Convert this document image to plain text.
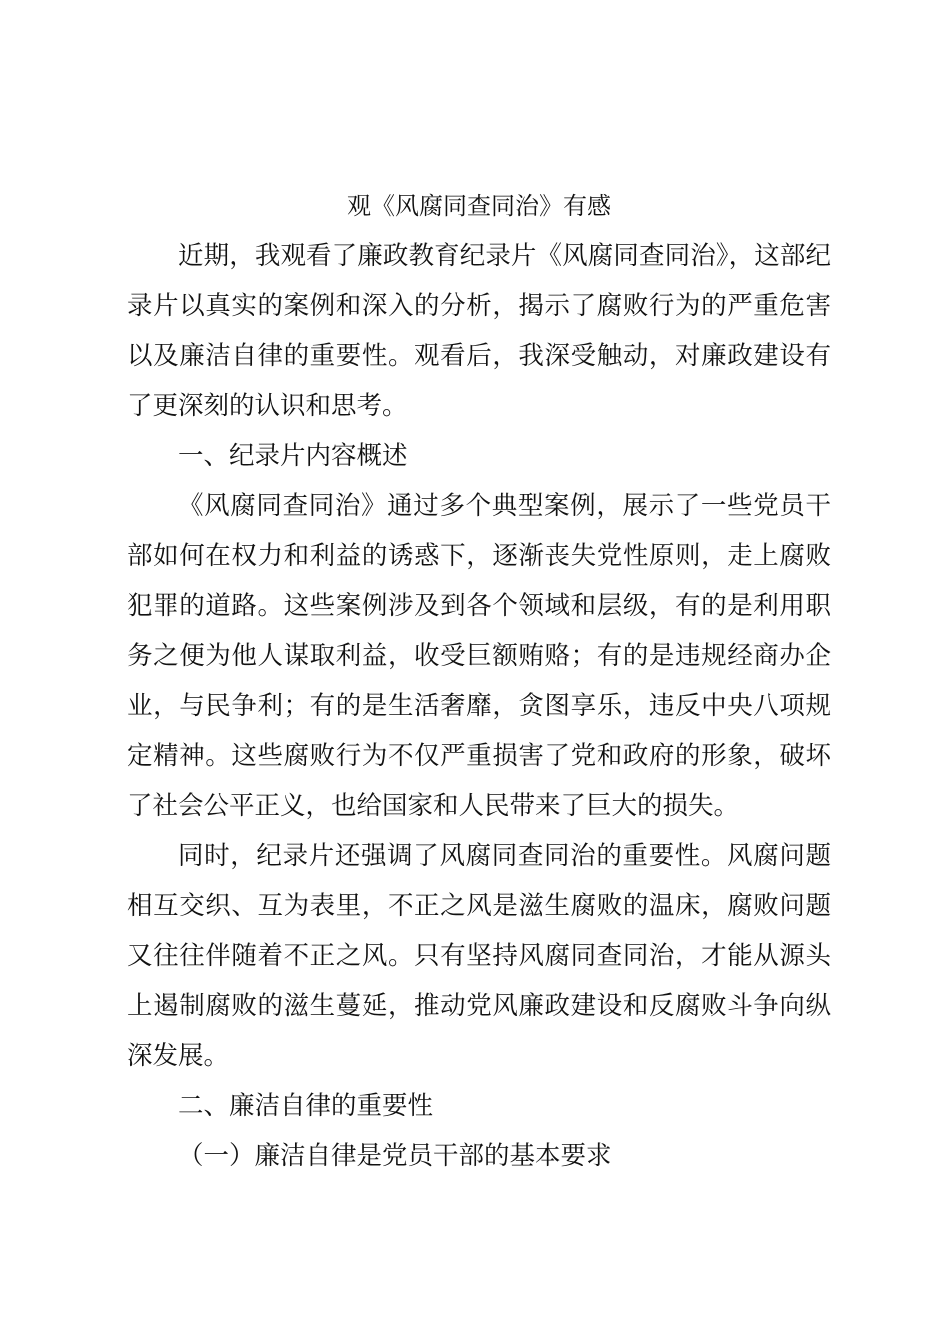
观《风腐同查同治》有感

近期，我观看了廉政教育纪录片《风腐同查同治》，这部纪录片以真实的案例和深入的分析，揭示了腐败行为的严重危害以及廉洁自律的重要性。观看后，我深受触动，对廉政建设有了更深刻的认识和思考。

一、纪录片内容概述

《风腐同查同治》通过多个典型案例，展示了一些党员干部如何在权力和利益的诱惑下，逐渐丧失党性原则，走上腐败犯罪的道路。这些案例涉及到各个领域和层级，有的是利用职务之便为他人谋取利益，收受巨额贿赂；有的是违规经商办企业，与民争利；有的是生活奢靡，贪图享乐，违反中央八项规定精神。这些腐败行为不仅严重损害了党和政府的形象，破坏了社会公平正义，也给国家和人民带来了巨大的损失。

同时，纪录片还强调了风腐同查同治的重要性。风腐问题相互交织、互为表里，不正之风是滋生腐败的温床，腐败问题又往往伴随着不正之风。只有坚持风腐同查同治，才能从源头上遏制腐败的滋生蔓延，推动党风廉政建设和反腐败斗争向纵深发展。

二、廉洁自律的重要性

（一）廉洁自律是党员干部的基本要求
